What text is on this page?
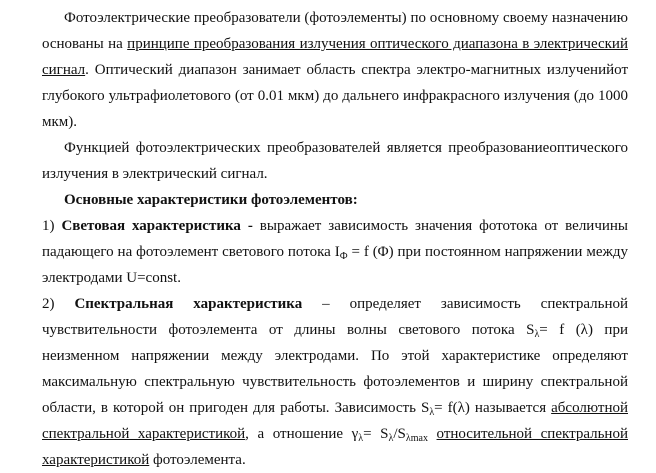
Фотоэлектрические преобразователи (фотоэлементы) по основному своему назначению основаны на принципе преобразования излучения оптического диапазона в электрический сигнал. Оптический диапазон занимает область спектра электро-магнитных излученийот глубокого ультрафиолетового (от 0.01 мкм) до дальнего инфракрасного излучения (до 1000 мкм).

Функцией фотоэлектрических преобразователей является преобразованиеоптического излучения в электрический сигнал.

Основные характеристики фотоэлементов:

1) Световая характеристика - выражает зависимость значения фототока от величины падающего на фотоэлемент светового потока $I_Ф = f$ (Φ) при постоянном напряжении между электродами U=const.

2) Спектральная характеристика – определяет зависимость спектральной чувствительности фотоэлемента от длины волны светового потока $S_\lambda= f$ (λ) при неизменном напряжении между электродами. По этой характеристике определяют максимальную спектральную чувствительность фотоэлементов и ширину спектральной области, в которой он пригоден для работы. Зависимость $S_\lambda= f(\lambda)$ называется абсолютной спектральной характеристикой, а отношение $\gamma_\lambda= S_\lambda/S_{\lambda max}$ относительной спектральной характеристикой фотоэлемента.
